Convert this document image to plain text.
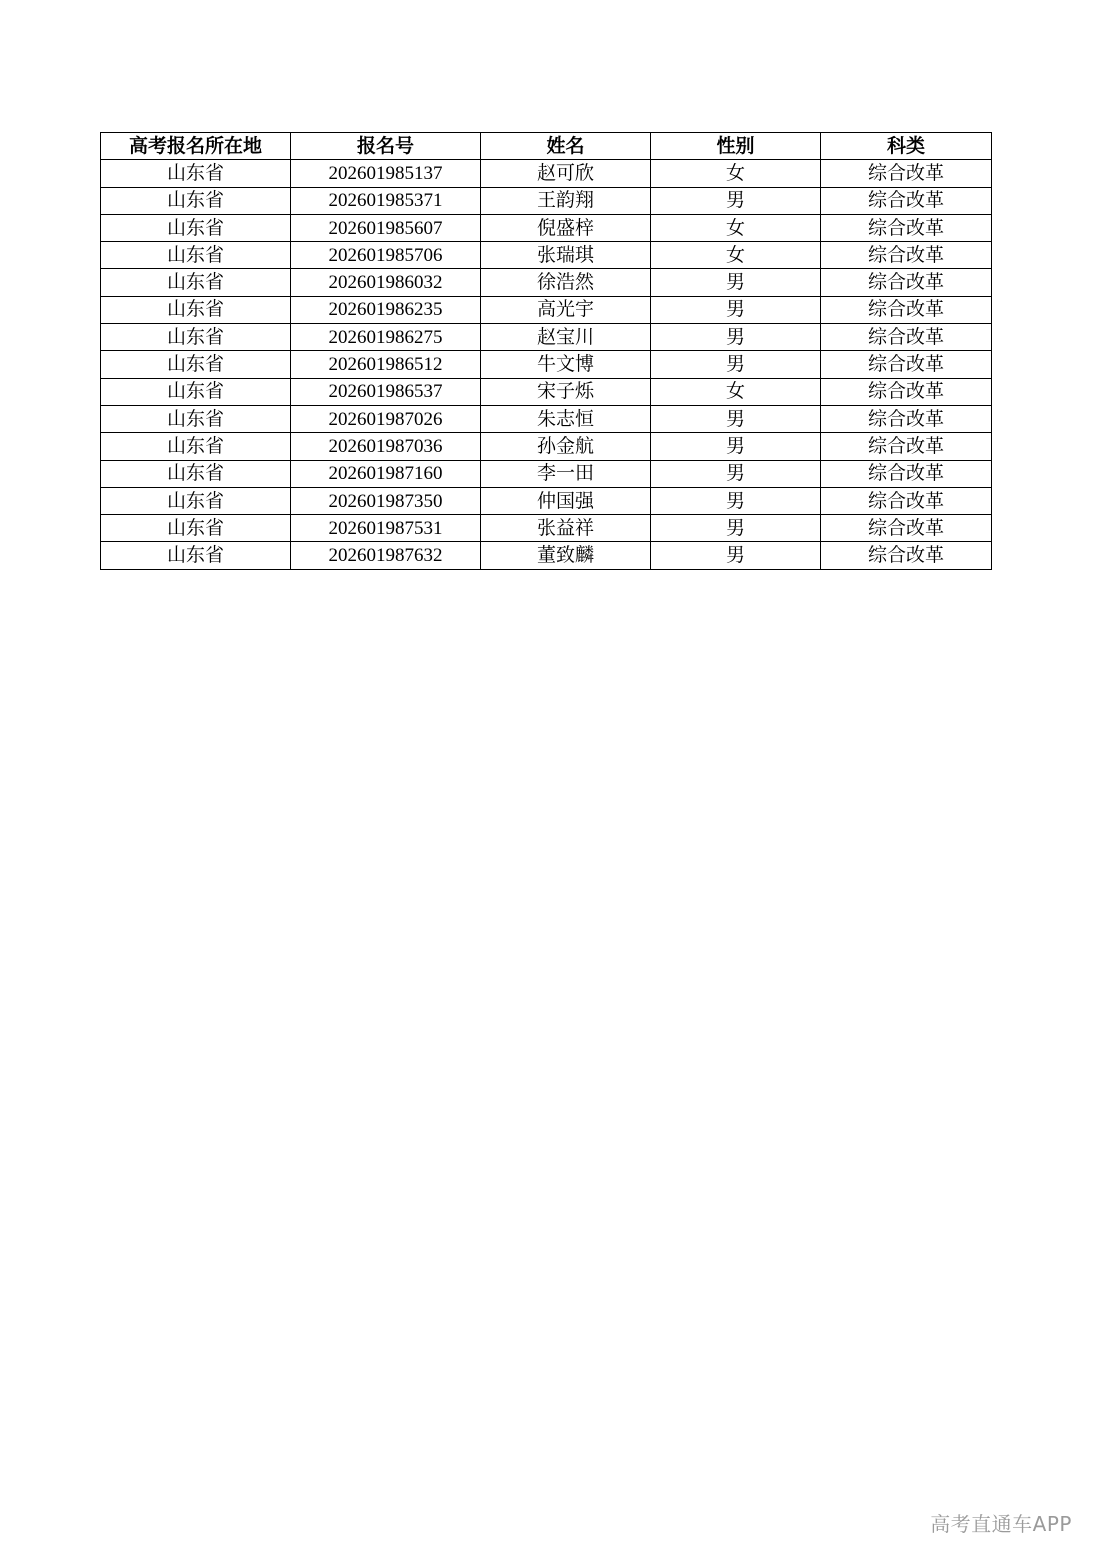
高考报名所在地	报名号	姓名	性别	科类
山东省	202601985137	赵可欣	女	综合改革
山东省	202601985371	王韵翔	男	综合改革
山东省	202601985607	倪盛梓	女	综合改革
山东省	202601985706	张瑞琪	女	综合改革
山东省	202601986032	徐浩然	男	综合改革
山东省	202601986235	高光宇	男	综合改革
山东省	202601986275	赵宝川	男	综合改革
山东省	202601986512	牛文博	男	综合改革
山东省	202601986537	宋子烁	女	综合改革
山东省	202601987026	朱志恒	男	综合改革
山东省	202601987036	孙金航	男	综合改革
山东省	202601987160	李一田	男	综合改革
山东省	202601987350	仲国强	男	综合改革
山东省	202601987531	张益祥	男	综合改革
山东省	202601987632	董致麟	男	综合改革
高考直通车APP
